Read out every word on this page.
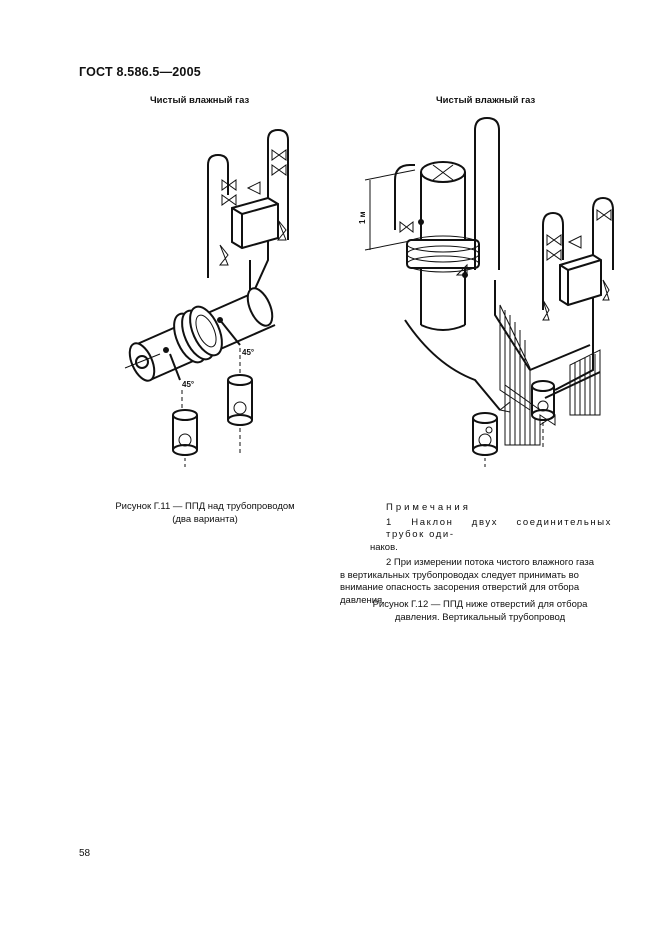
ГОСТ 8.586.5—2005
Чистый влажный газ
45°
45°
Рисунок Г.11 — ППД над трубопроводом
(два варианта)
Чистый влажный газ
1 м
Примечания
1 Наклон двух соединительных трубок оди-
наков.
2 При измерении потока чистого влажного газа
в вертикальных трубопроводах следует принимать во
внимание опасность засорения отверстий для отбора
давления.
Рисунок Г.12 — ППД ниже отверстий для отбора
давления. Вертикальный трубопровод
58
